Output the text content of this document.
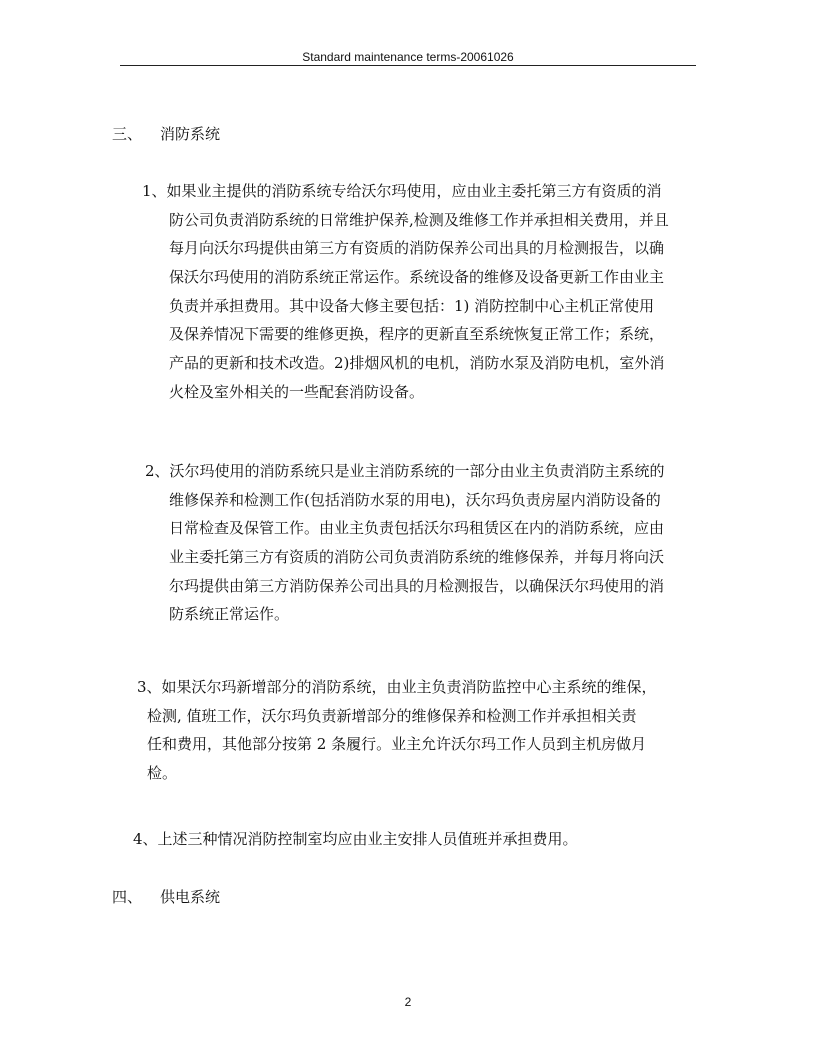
Standard maintenance terms-20061026
三、 消防系统
1、如果业主提供的消防系统专给沃尔玛使用，应由业主委托第三方有资质的消
防公司负责消防系统的日常维护保养,检测及维修工作并承担相关费用，并且
每月向沃尔玛提供由第三方有资质的消防保养公司出具的月检测报告，以确
保沃尔玛使用的消防系统正常运作。系统设备的维修及设备更新工作由业主
负责并承担费用。其中设备大修主要包括：1) 消防控制中心主机正常使用
及保养情况下需要的维修更换，程序的更新直至系统恢复正常工作；系统，
产品的更新和技术改造。2)排烟风机的电机，消防水泵及消防电机，室外消
火栓及室外相关的一些配套消防设备。
2、沃尔玛使用的消防系统只是业主消防系统的一部分由业主负责消防主系统的
维修保养和检测工作(包括消防水泵的用电)，沃尔玛负责房屋内消防设备的
日常检查及保管工作。由业主负责包括沃尔玛租赁区在内的消防系统，应由
业主委托第三方有资质的消防公司负责消防系统的维修保养，并每月将向沃
尔玛提供由第三方消防保养公司出具的月检测报告，以确保沃尔玛使用的消
防系统正常运作。
3、如果沃尔玛新增部分的消防系统，由业主负责消防监控中心主系统的维保，
检测, 值班工作，沃尔玛负责新增部分的维修保养和检测工作并承担相关责
任和费用，其他部分按第 2 条履行。业主允许沃尔玛工作人员到主机房做月
检。
4、上述三种情况消防控制室均应由业主安排人员值班并承担费用。
四、 供电系统
2
